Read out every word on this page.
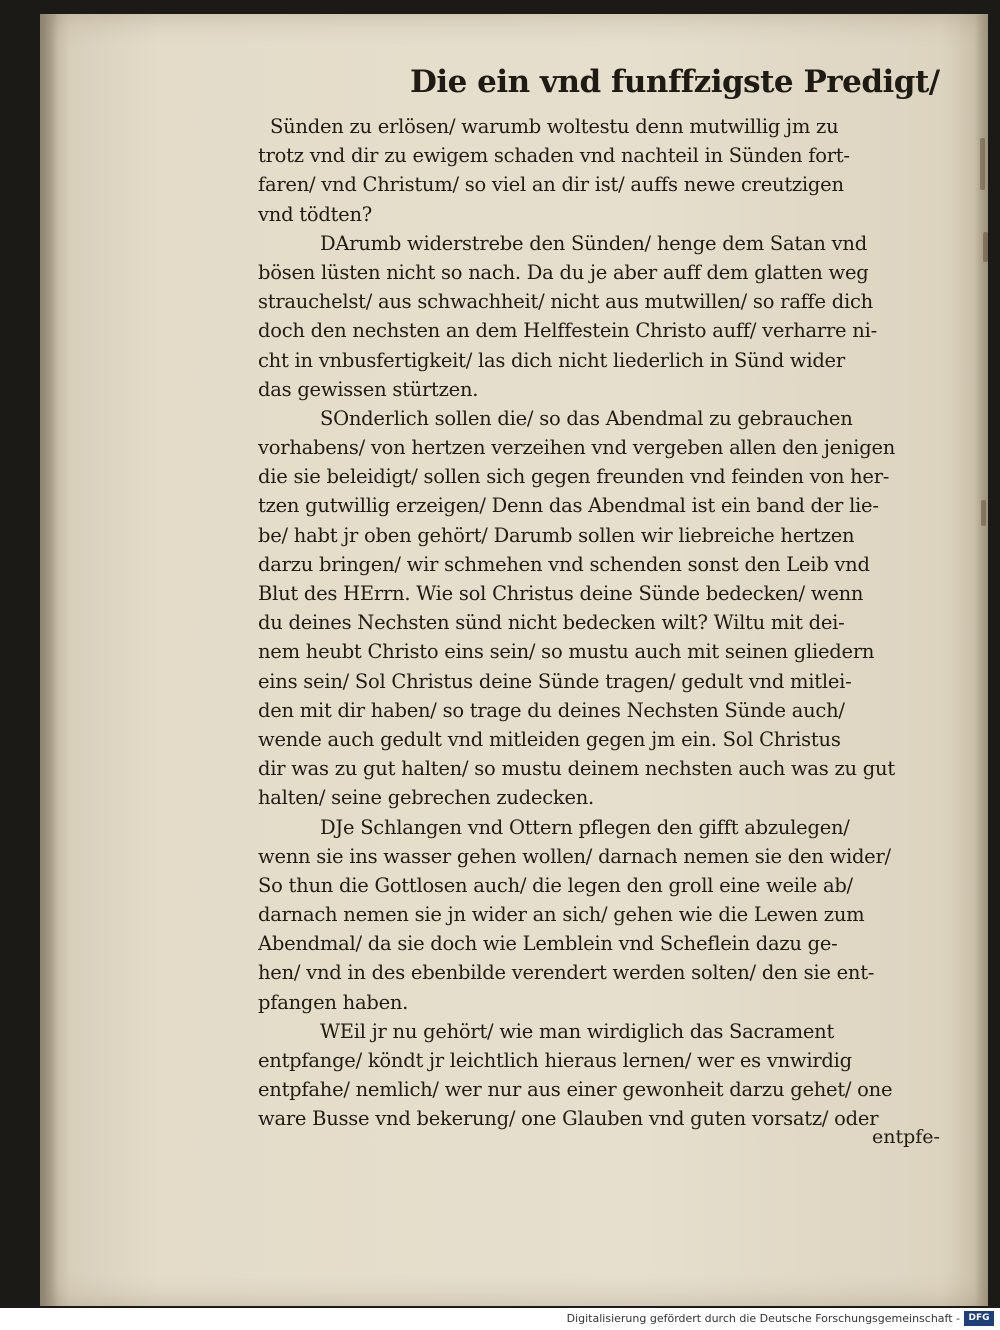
Die ein vnd funffzigste Predigt/
Sünden zu erlösen/ warumb woltestu denn mutwillig jm zu
trotz vnd dir zu ewigem schaden vnd nachteil in Sünden fort-
faren/ vnd Christum/ so viel an dir ist/ auffs newe creutzigen
vnd tödten?
DArumb widerstrebe den Sünden/ henge dem Satan vnd
bösen lüsten nicht so nach. Da du je aber auff dem glatten weg
strauchelst/ aus schwachheit/ nicht aus mutwillen/ so raffe dich
doch den nechsten an dem Helffestein Christo auff/ verharre ni-
cht in vnbusfertigkeit/ las dich nicht liederlich in Sünd wider
das gewissen stürtzen.
SOnderlich sollen die/ so das Abendmal zu gebrauchen
vorhabens/ von hertzen verzeihen vnd vergeben allen den jenigen
die sie beleidigt/ sollen sich gegen freunden vnd feinden von her-
tzen gutwillig erzeigen/ Denn das Abendmal ist ein band der lie-
be/ habt jr oben gehört/ Darumb sollen wir liebreiche hertzen
darzu bringen/ wir schmehen vnd schenden sonst den Leib vnd
Blut des HErrn. Wie sol Christus deine Sünde bedecken/ wenn
du deines Nechsten sünd nicht bedecken wilt? Wiltu mit dei-
nem heubt Christo eins sein/ so mustu auch mit seinen gliedern
eins sein/ Sol Christus deine Sünde tragen/ gedult vnd mitlei-
den mit dir haben/ so trage du deines Nechsten Sünde auch/
wende auch gedult vnd mitleiden gegen jm ein. Sol Christus
dir was zu gut halten/ so mustu deinem nechsten auch was zu gut
halten/ seine gebrechen zudecken.
DJe Schlangen vnd Ottern pflegen den gifft abzulegen/
wenn sie ins wasser gehen wollen/ darnach nemen sie den wider/
So thun die Gottlosen auch/ die legen den groll eine weile ab/
darnach nemen sie jn wider an sich/ gehen wie die Lewen zum
Abendmal/ da sie doch wie Lemblein vnd Scheflein dazu ge-
hen/ vnd in des ebenbilde verendert werden solten/ den sie ent-
pfangen haben.
WEil jr nu gehört/ wie man wirdiglich das Sacrament
entpfange/ köndt jr leichtlich hieraus lernen/ wer es vnwirdig
entpfahe/ nemlich/ wer nur aus einer gewonheit darzu gehet/ one
ware Busse vnd bekerung/ one Glauben vnd guten vorsatz/ oder
entpfe-
Digitalisierung gefördert durch die Deutsche Forschungsgemeinschaft - DFG
